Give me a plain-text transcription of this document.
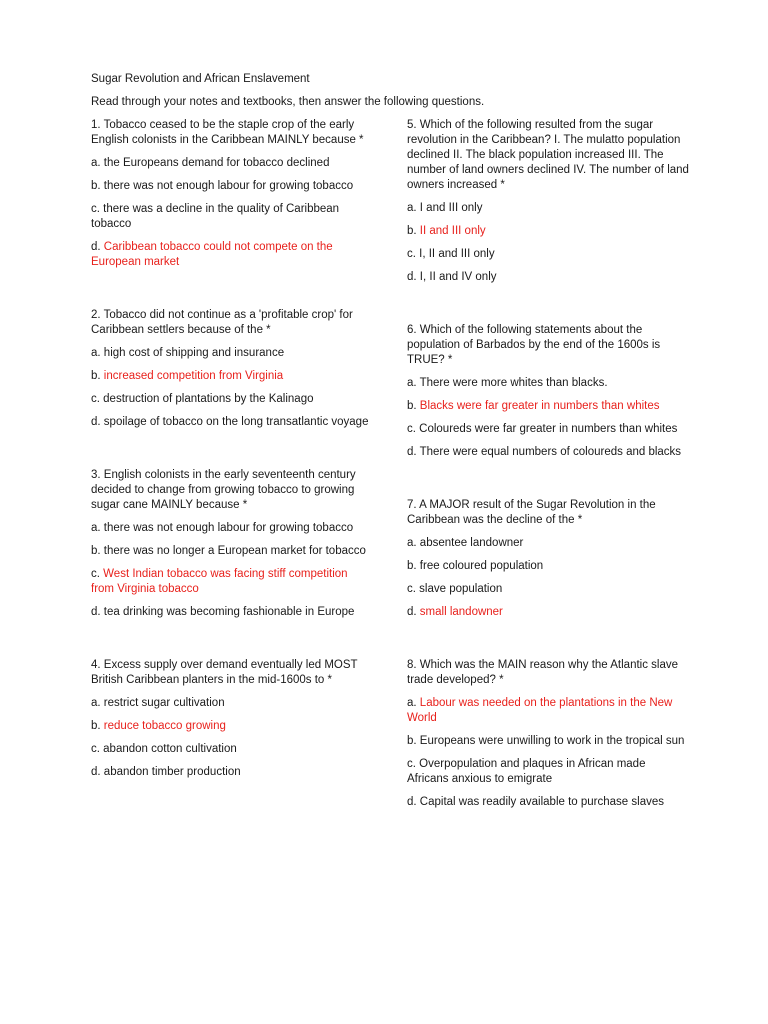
Sugar Revolution and African Enslavement
Read through your notes and textbooks, then answer the following questions.

1. Tobacco ceased to be the staple crop of the early English colonists in the Caribbean MAINLY because *

a. the Europeans demand for tobacco declined

b. there was not enough labour for growing tobacco

c. there was a decline in the quality of Caribbean tobacco

d. Caribbean tobacco could not compete on the European market

2. Tobacco did not continue as a 'profitable crop' for Caribbean settlers because of the *

a. high cost of shipping and insurance

b. increased competition from Virginia

c. destruction of plantations by the Kalinago

d. spoilage of tobacco on the long transatlantic voyage

3. English colonists in the early seventeenth century decided to change from growing tobacco to growing sugar cane MAINLY because *

a. there was not enough labour for growing tobacco

b. there was no longer a European market for tobacco

c. West Indian tobacco was facing stiff competition from Virginia tobacco

d. tea drinking was becoming fashionable in Europe

4. Excess supply over demand eventually led MOST British Caribbean planters in the mid-1600s to *

a. restrict sugar cultivation

b. reduce tobacco growing

c. abandon cotton cultivation

d. abandon timber production

5. Which of the following resulted from the sugar revolution in the Caribbean? I. The mulatto population declined II. The black population increased III. The number of land owners declined IV. The number of land owners increased *

a. I and III only

b. II and III only

c. I, II and III only

d. I, II and IV only

6. Which of the following statements about the population of Barbados by the end of the 1600s is TRUE? *

a. There were more whites than blacks.

b. Blacks were far greater in numbers than whites

c. Coloureds were far greater in numbers than whites

d. There were equal numbers of coloureds and blacks

7. A MAJOR result of the Sugar Revolution in the Caribbean was the decline of the *

a. absentee landowner

b. free coloured population

c. slave population

d. small landowner

8. Which was the MAIN reason why the Atlantic slave trade developed? *

a. Labour was needed on the plantations in the New World

b. Europeans were unwilling to work in the tropical sun

c. Overpopulation and plaques in African made Africans anxious to emigrate

d. Capital was readily available to purchase slaves
